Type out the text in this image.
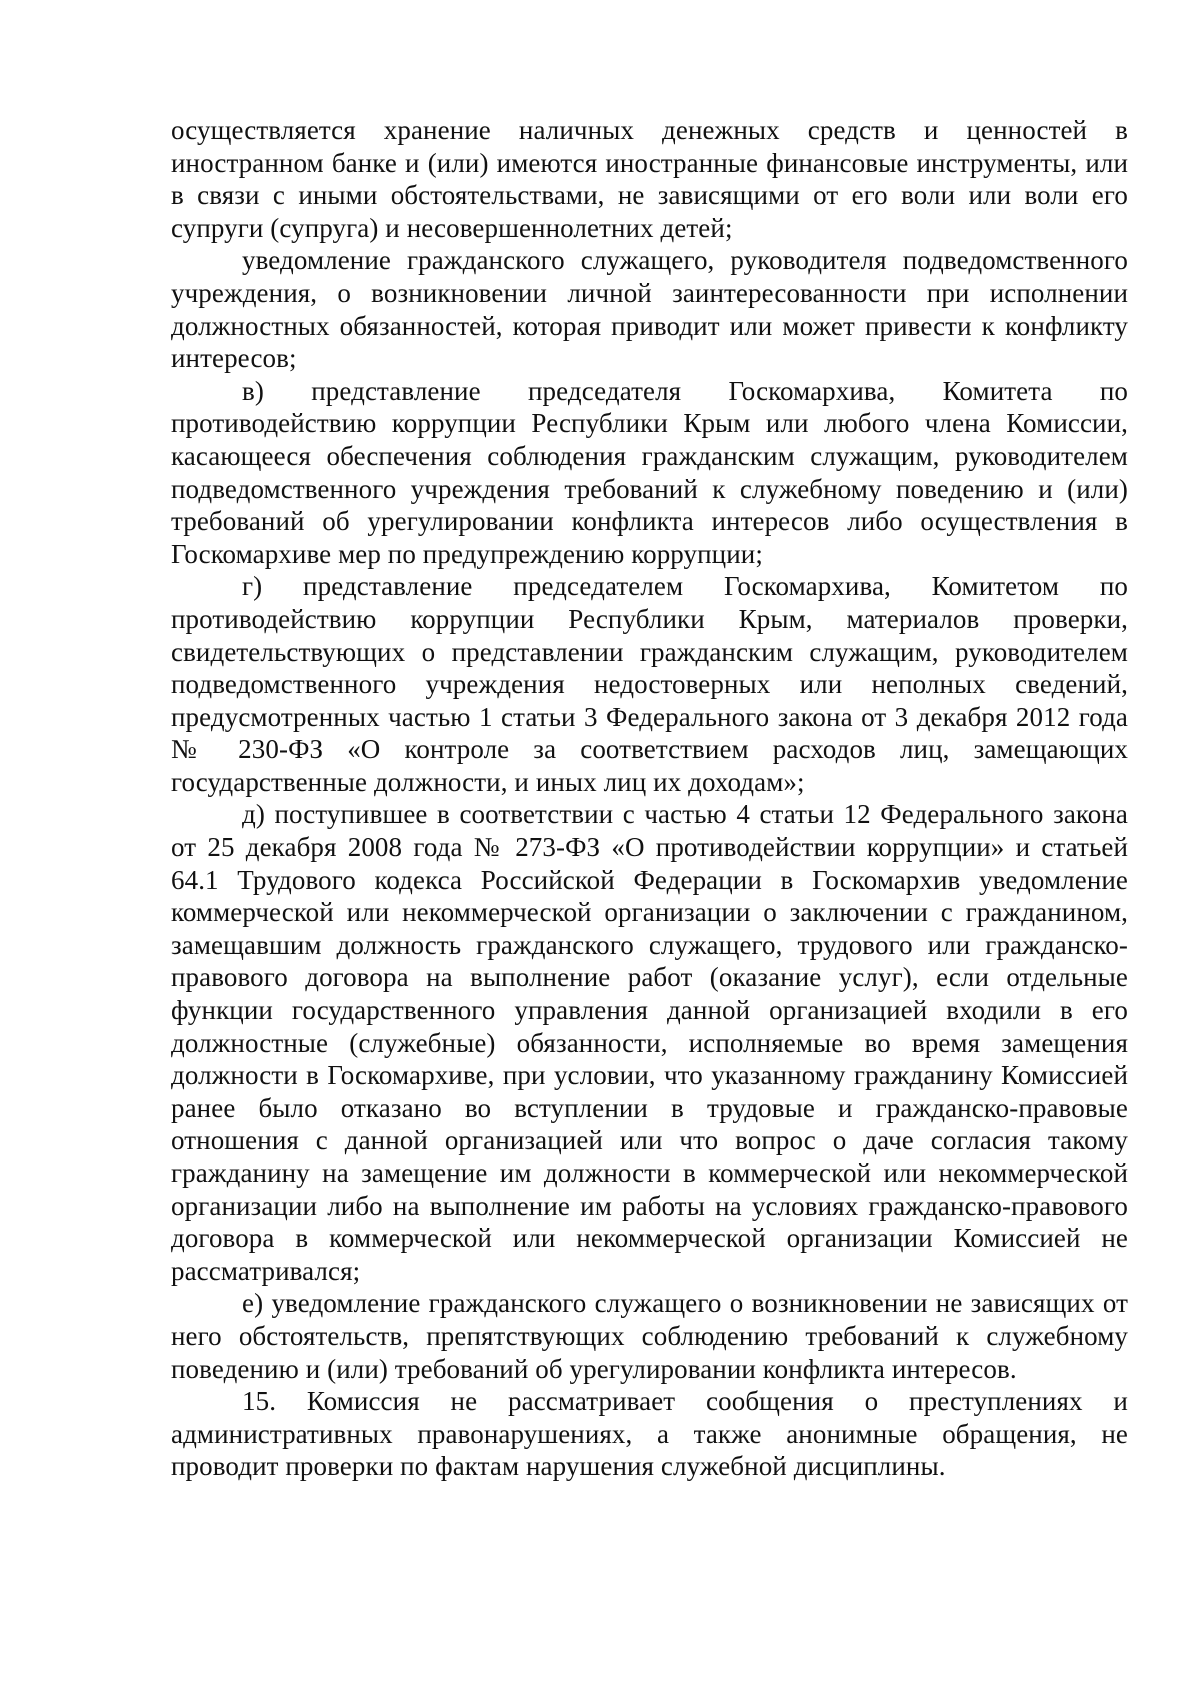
осуществляется хранение наличных денежных средств и ценностей в иностранном банке и (или) имеются иностранные финансовые инструменты, или в связи с иными обстоятельствами, не зависящими от его воли или воли его супруги (супруга) и несовершеннолетних детей;

уведомление гражданского служащего, руководителя подведомственного учреждения, о возникновении личной заинтересованности при исполнении должностных обязанностей, которая приводит или может привести к конфликту интересов;

в) представление председателя Госкомархива, Комитета по противодействию коррупции Республики Крым или любого члена Комиссии, касающееся обеспечения соблюдения гражданским служащим, руководителем подведомственного учреждения требований к служебному поведению и (или) требований об урегулировании конфликта интересов либо осуществления в Госкомархиве мер по предупреждению коррупции;

г) представление председателем Госкомархива, Комитетом по противодействию коррупции Республики Крым, материалов проверки, свидетельствующих о представлении гражданским служащим, руководителем подведомственного учреждения недостоверных или неполных сведений, предусмотренных частью 1 статьи 3 Федерального закона от 3 декабря 2012 года № 230-ФЗ «О контроле за соответствием расходов лиц, замещающих государственные должности, и иных лиц их доходам»;

д) поступившее в соответствии с частью 4 статьи 12 Федерального закона от 25 декабря 2008 года № 273-ФЗ «О противодействии коррупции» и статьей 64.1 Трудового кодекса Российской Федерации в Госкомархив уведомление коммерческой или некоммерческой организации о заключении с гражданином, замещавшим должность гражданского служащего, трудового или гражданско-правового договора на выполнение работ (оказание услуг), если отдельные функции государственного управления данной организацией входили в его должностные (служебные) обязанности, исполняемые во время замещения должности в Госкомархиве, при условии, что указанному гражданину Комиссией ранее было отказано во вступлении в трудовые и гражданско-правовые отношения с данной организацией или что вопрос о даче согласия такому гражданину на замещение им должности в коммерческой или некоммерческой организации либо на выполнение им работы на условиях гражданско-правового договора в коммерческой или некоммерческой организации Комиссией не рассматривался;

е) уведомление гражданского служащего о возникновении не зависящих от него обстоятельств, препятствующих соблюдению требований к служебному поведению и (или) требований об урегулировании конфликта интересов.

15. Комиссия не рассматривает сообщения о преступлениях и административных правонарушениях, а также анонимные обращения, не проводит проверки по фактам нарушения служебной дисциплины.
